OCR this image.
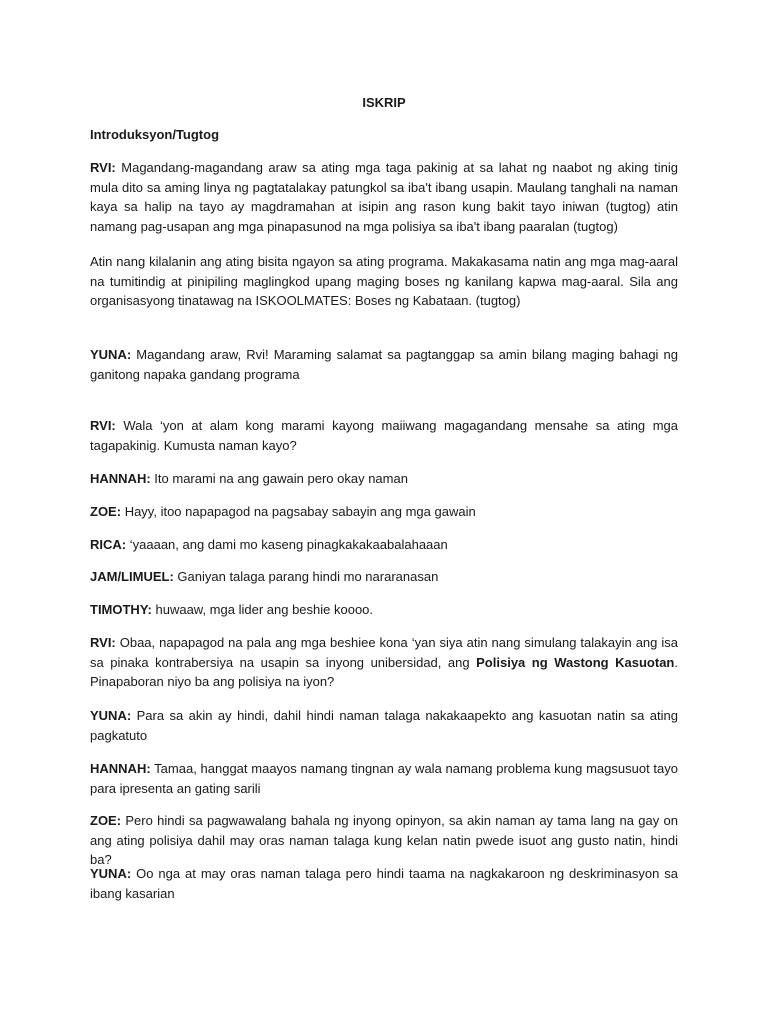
ISKRIP

Introduksyon/Tugtog

RVI: Magandang-magandang araw sa ating mga taga pakinig at sa lahat ng naabot ng aking tinig mula dito sa aming linya ng pagtatalakay patungkol sa iba't ibang usapin. Maulang tanghali na naman kaya sa halip na tayo ay magdramahan at isipin ang rason kung bakit tayo iniwan (tugtog) atin namang pag-usapan ang mga pinapasunod na mga polisiya sa iba't ibang paaralan (tugtog)

Atin nang kilalanin ang ating bisita ngayon sa ating programa. Makakasama natin ang mga mag-aaral na tumitindig at pinipiling maglingkod upang maging boses ng kanilang kapwa mag-aaral. Sila ang organisasyong tinatawag na ISKOOLMATES: Boses ng Kabataan. (tugtog)

YUNA: Magandang araw, Rvi! Maraming salamat sa pagtanggap sa amin bilang maging bahagi ng ganitong napaka gandang programa

RVI: Wala ‘yon at alam kong marami kayong maiiwang magagandang mensahe sa ating mga tagapakinig. Kumusta naman kayo?

HANNAH: Ito marami na ang gawain pero okay naman

ZOE: Hayy, itoo napapagod na pagsabay sabayin ang mga gawain

RICA: ‘yaaaan, ang dami mo kaseng pinagkakakaabalahaaan

JAM/LIMUEL: Ganiyan talaga parang hindi mo nararanasan

TIMOTHY: huwaaw, mga lider ang beshie koooo.

RVI: Obaa, napapagod na pala ang mga beshiee kona ‘yan siya atin nang simulang talakayin ang isa sa pinaka kontrabersiya na usapin sa inyong unibersidad, ang Polisiya ng Wastong Kasuotan. Pinapaboran niyo ba ang polisiya na iyon?

YUNA: Para sa akin ay hindi, dahil hindi naman talaga nakakaapekto ang kasuotan natin sa ating pagkatuto

HANNAH: Tamaa, hanggat maayos namang tingnan ay wala namang problema kung magsusuot tayo para ipresenta an gating sarili

ZOE: Pero hindi sa pagwawalang bahala ng inyong opinyon, sa akin naman ay tama lang na gay on ang ating polisiya dahil may oras naman talaga kung kelan natin pwede isuot ang gusto natin, hindi ba?

YUNA: Oo nga at may oras naman talaga pero hindi taama na nagkakaroon ng deskriminasyon sa ibang kasarian
